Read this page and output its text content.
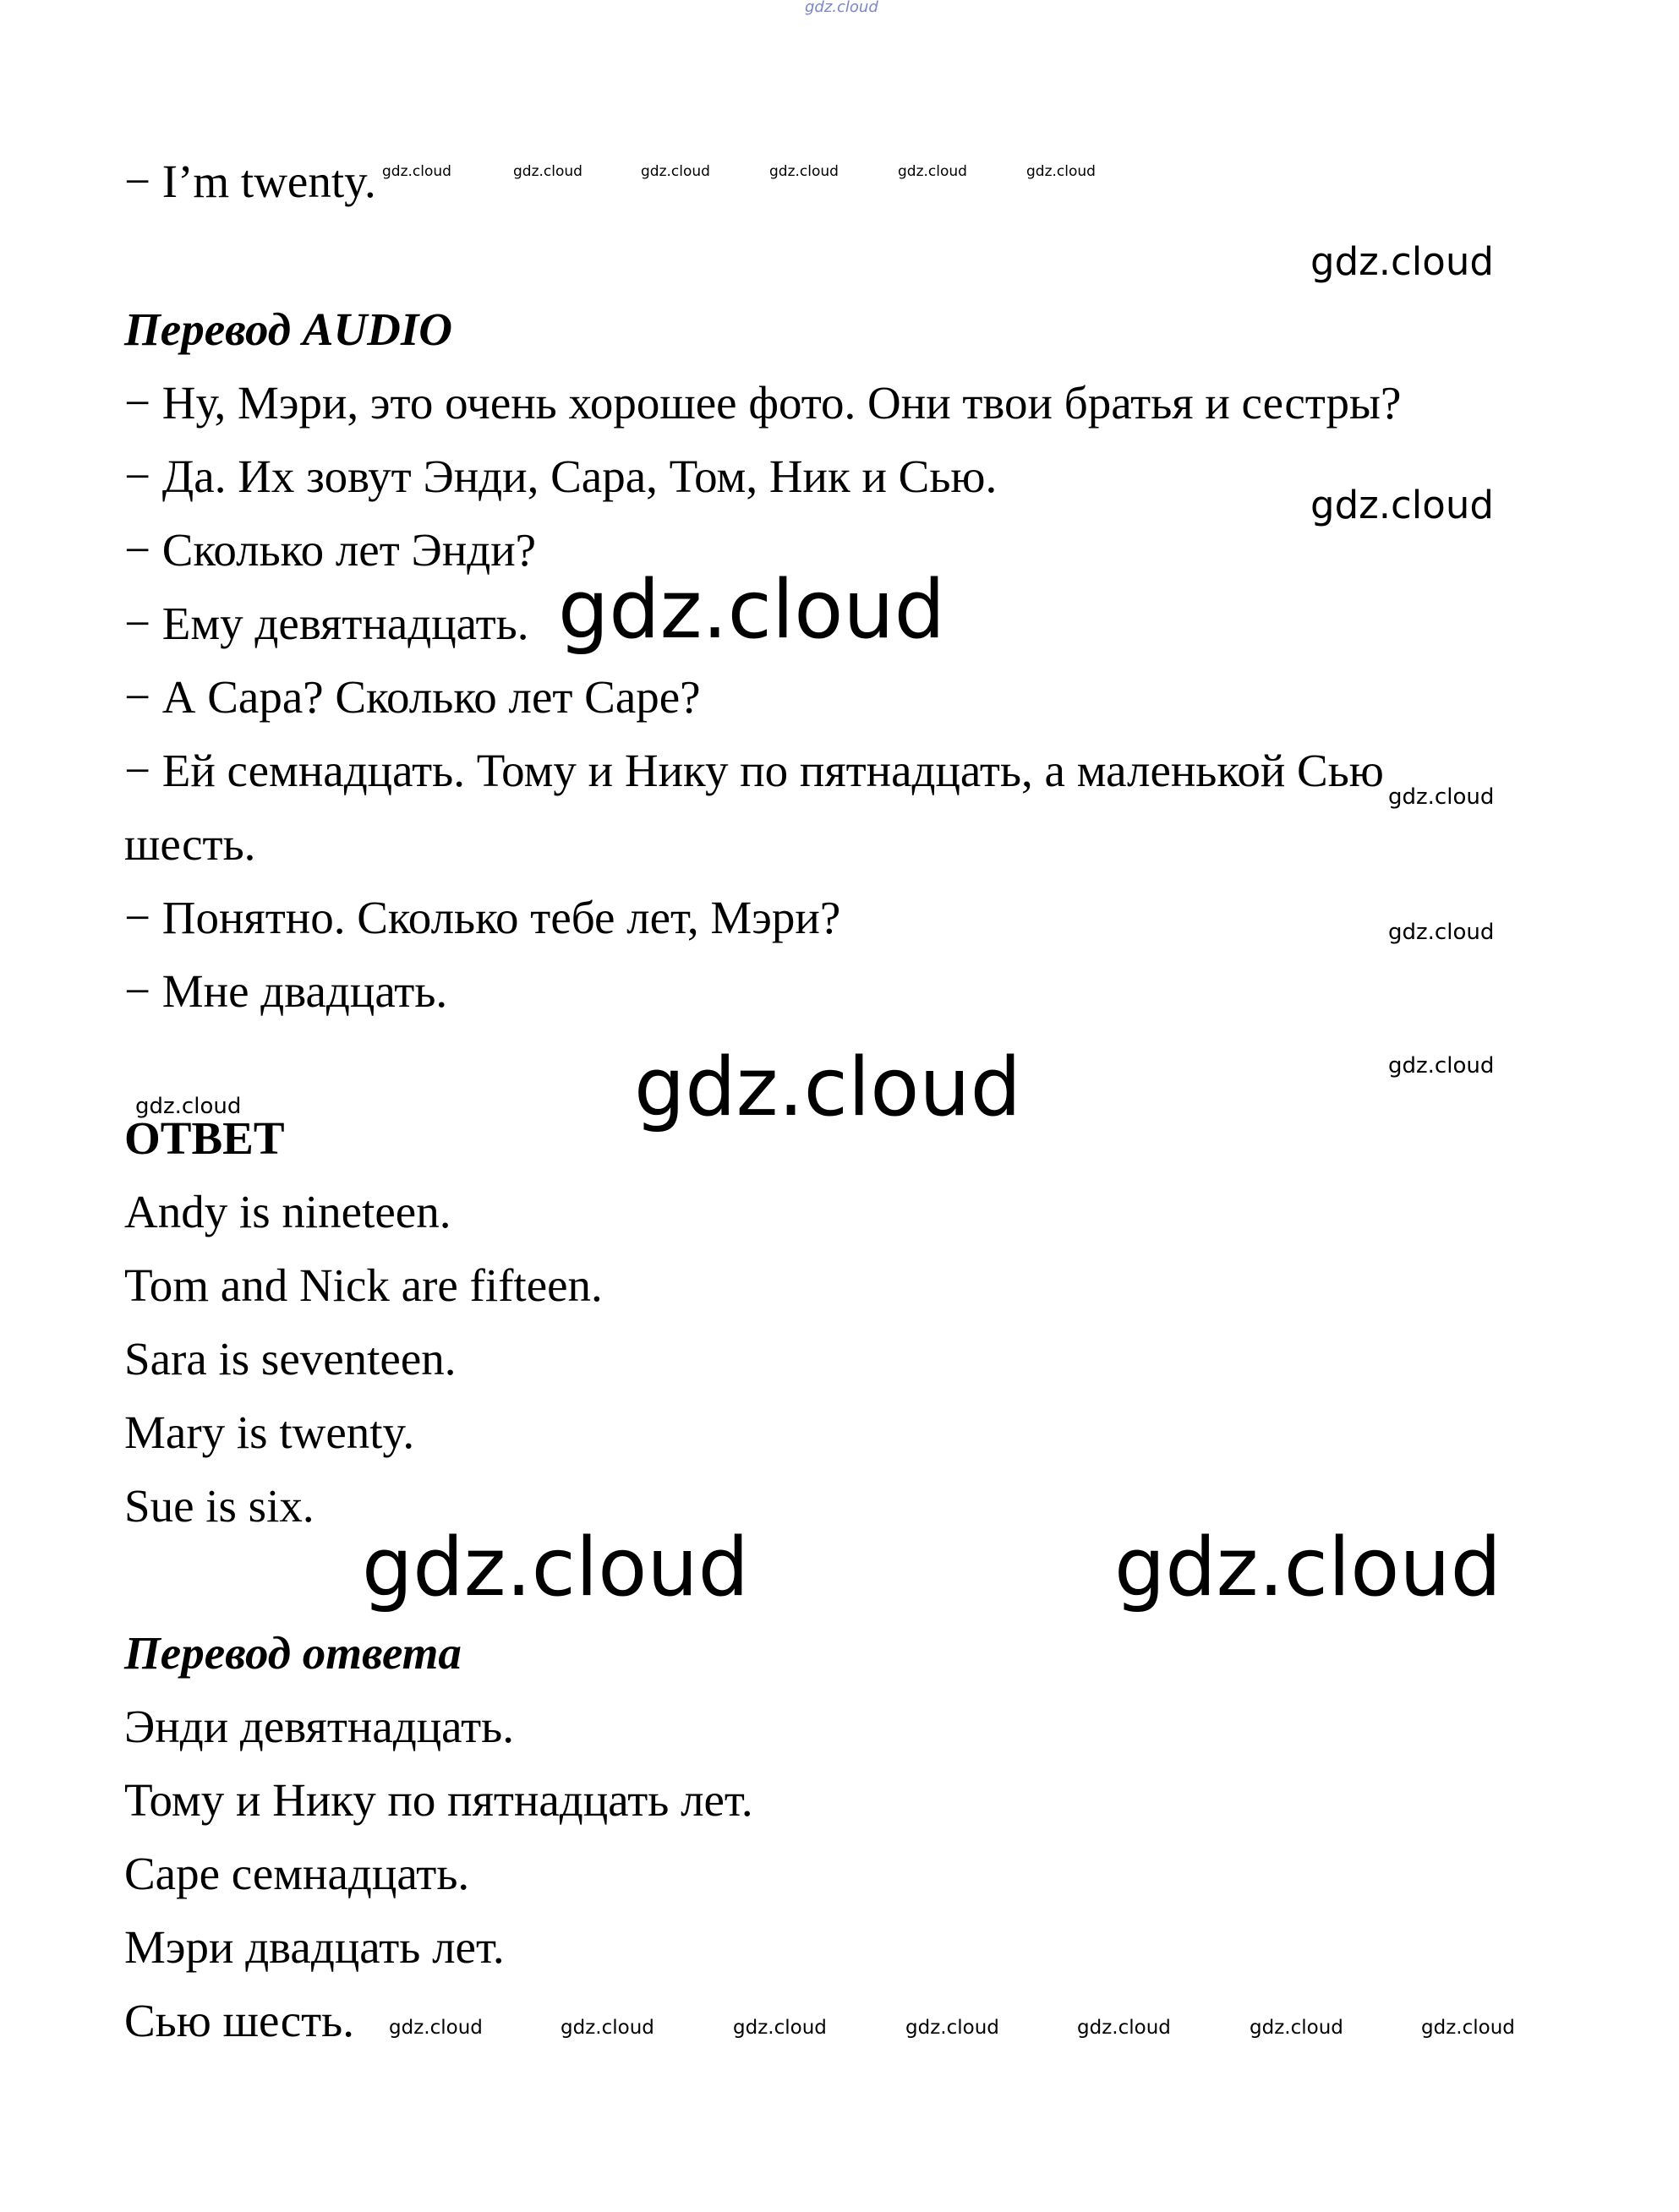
gdz.cloud

− I’m twenty. gdz.cloud	gdz.cloud	gdz.cloud	gdz.cloud	gdz.cloud	gdz.cloud
gdz.cloud

Перевод AUDIO

− Ну, Мэри, это очень хорошее фото. Они твои братья и сестры?

− Да. Их зовут Энди, Сара, Том, Ник и Сью.

gdz.cloud

− Сколько лет Энди?

− Ему девятнадцать. gdz.cloud

− А Сара? Сколько лет Саре?

− Ей семнадцать. Тому и Нику по пятнадцать, а маленькой Сью

gdz.cloud

шесть.

− Понятно. Сколько тебе лет, Мэри?	gdz.cloud

− Мне двадцать.

gdz.cloud
gdz.cloud
gdz.cloud

ОТВЕТ

Andy is nineteen.

Tom and Nick are fifteen.

Sara is seventeen.

Mary is twenty.

Sue is six.

gdz.cloud	gdz.cloud

Перевод ответа

Энди девятнадцать.

Тому и Нику по пятнадцать лет.

Саре семнадцать.

Мэри двадцать лет.

Сью шесть. gdz.cloud	gdz.cloud	gdz.cloud	gdz.cloud	gdz.cloud	gdz.cloud	gdz.cloud
